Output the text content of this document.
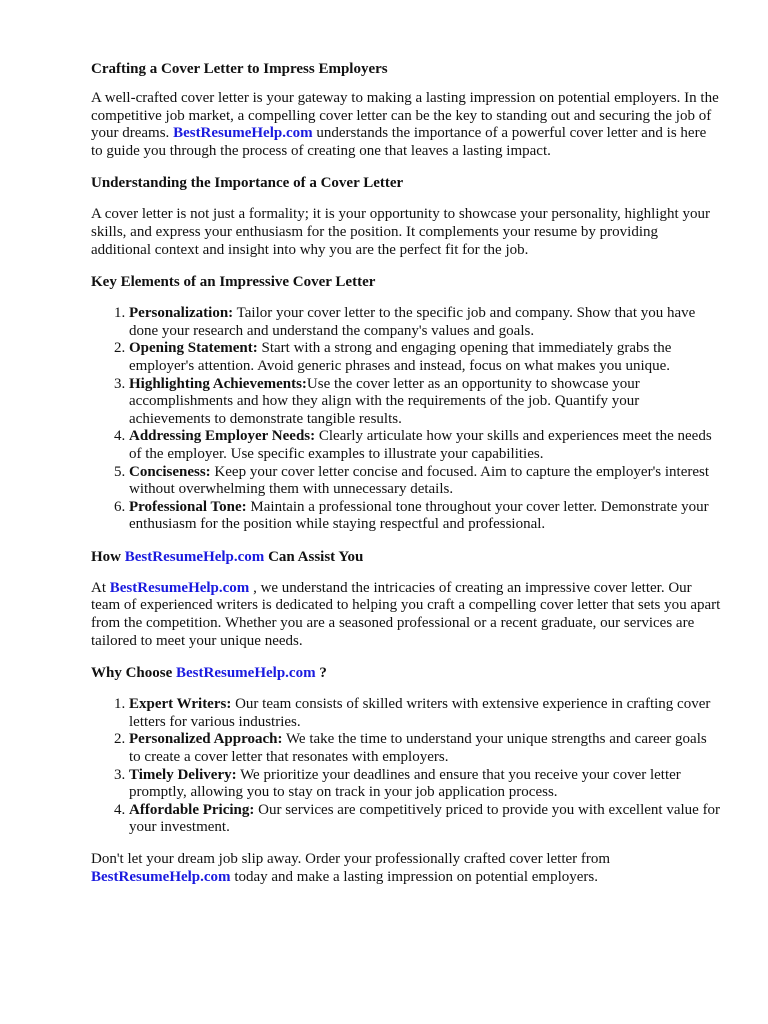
Crafting a Cover Letter to Impress Employers

A well-crafted cover letter is your gateway to making a lasting impression on potential employers. In the competitive job market, a compelling cover letter can be the key to standing out and securing the job of your dreams. BestResumeHelp.com understands the importance of a powerful cover letter and is here to guide you through the process of creating one that leaves a lasting impact.

Understanding the Importance of a Cover Letter

A cover letter is not just a formality; it is your opportunity to showcase your personality, highlight your skills, and express your enthusiasm for the position. It complements your resume by providing additional context and insight into why you are the perfect fit for the job.

Key Elements of an Impressive Cover Letter
1. Personalization: Tailor your cover letter to the specific job and company. Show that you have done your research and understand the company's values and goals.
2. Opening Statement: Start with a strong and engaging opening that immediately grabs the employer's attention. Avoid generic phrases and instead, focus on what makes you unique.
3. Highlighting Achievements:Use the cover letter as an opportunity to showcase your accomplishments and how they align with the requirements of the job. Quantify your achievements to demonstrate tangible results.
4. Addressing Employer Needs: Clearly articulate how your skills and experiences meet the needs of the employer. Use specific examples to illustrate your capabilities.
5. Conciseness: Keep your cover letter concise and focused. Aim to capture the employer's interest without overwhelming them with unnecessary details.
6. Professional Tone: Maintain a professional tone throughout your cover letter. Demonstrate your enthusiasm for the position while staying respectful and professional.
How BestResumeHelp.com Can Assist You

At BestResumeHelp.com , we understand the intricacies of creating an impressive cover letter. Our team of experienced writers is dedicated to helping you craft a compelling cover letter that sets you apart from the competition. Whether you are a seasoned professional or a recent graduate, our services are tailored to meet your unique needs.

Why Choose BestResumeHelp.com ?
1. Expert Writers: Our team consists of skilled writers with extensive experience in crafting cover letters for various industries.
2. Personalized Approach: We take the time to understand your unique strengths and career goals to create a cover letter that resonates with employers.
3. Timely Delivery: We prioritize your deadlines and ensure that you receive your cover letter promptly, allowing you to stay on track in your job application process.
4. Affordable Pricing: Our services are competitively priced to provide you with excellent value for your investment.

Don't let your dream job slip away. Order your professionally crafted cover letter from BestResumeHelp.com today and make a lasting impression on potential employers.
